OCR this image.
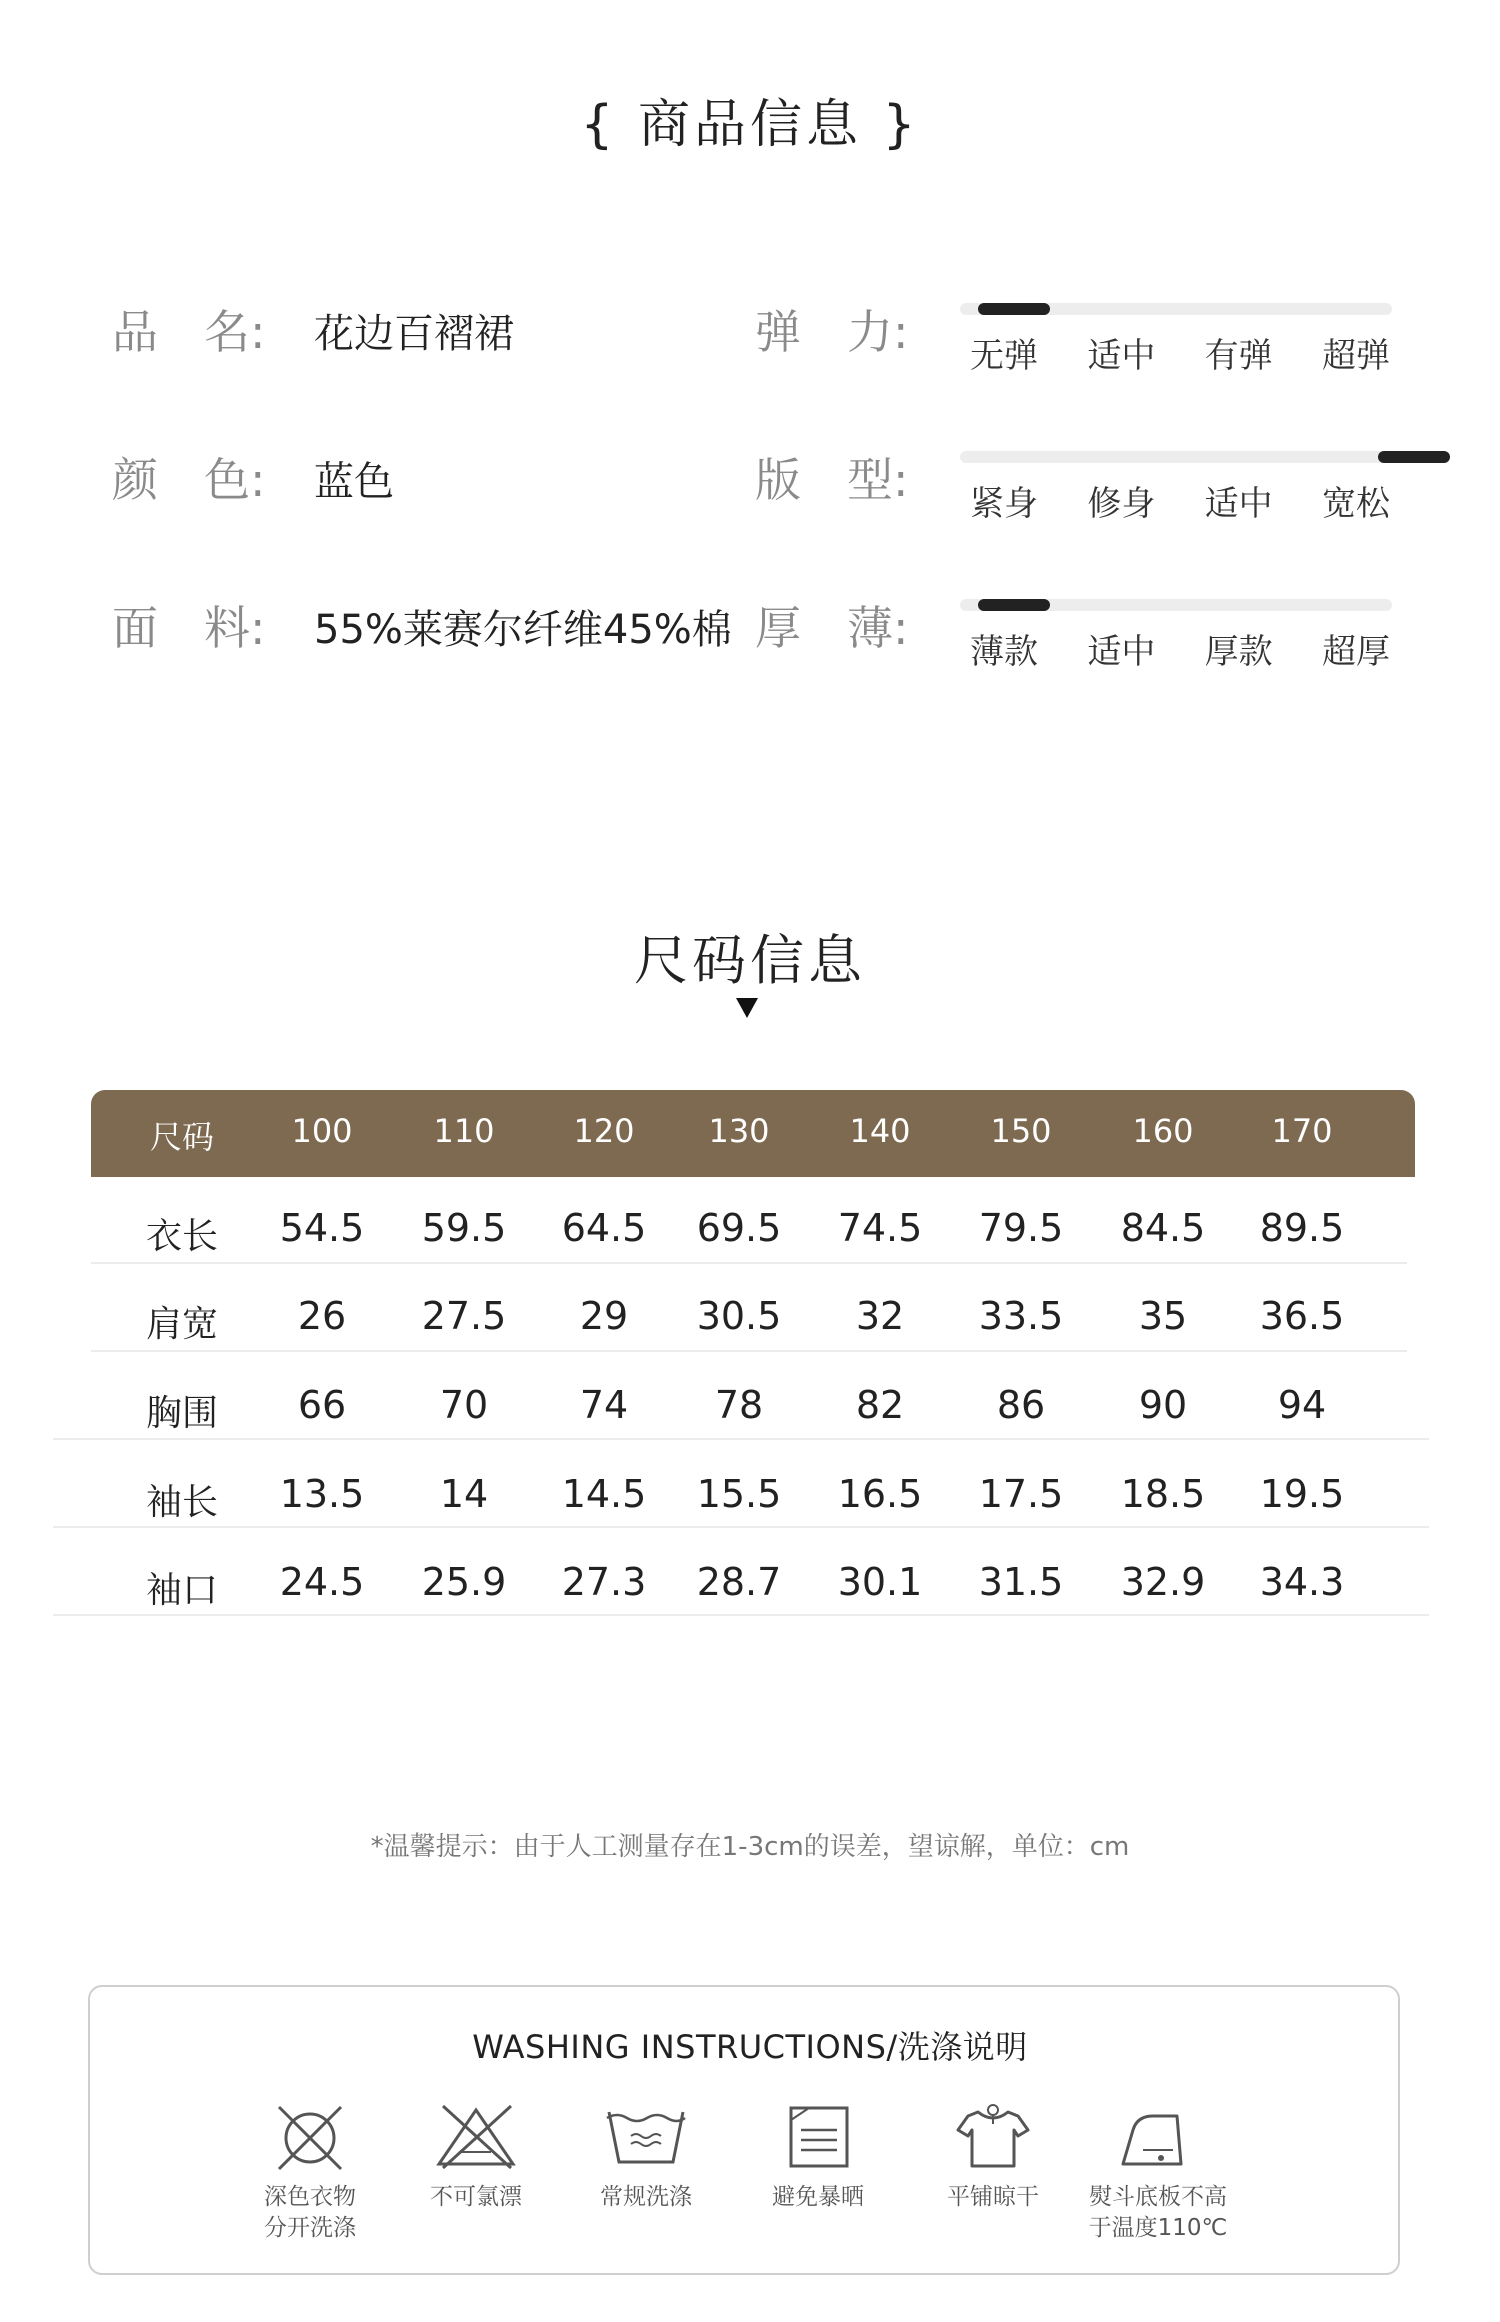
{ 商品信息 }
品　名: 花边百褶裙
颜　色: 蓝色
面　料: 55%莱赛尔纤维45%棉
弹　力: 无弹 适中 有弹 超弹
版　型: 紧身 修身 适中 宽松
厚　薄: 薄款 适中 厚款 超厚
尺码信息
尺码	100	110	120	130	140	150	160	170
衣长	54.5	59.5	64.5	69.5	74.5	79.5	84.5	89.5
肩宽	26	27.5	29	30.5	32	33.5	35	36.5
胸围	66	70	74	78	82	86	90	94
袖长	13.5	14	14.5	15.5	16.5	17.5	18.5	19.5
袖口	24.5	25.9	27.3	28.7	30.1	31.5	32.9	34.3
*温馨提示：由于人工测量存在1-3cm的误差，望谅解，单位：cm
WASHING INSTRUCTIONS/洗涤说明
深色衣物
分开洗涤
不可氯漂	常规洗涤	避免暴晒	平铺晾干	熨斗底板不高
于温度110℃
